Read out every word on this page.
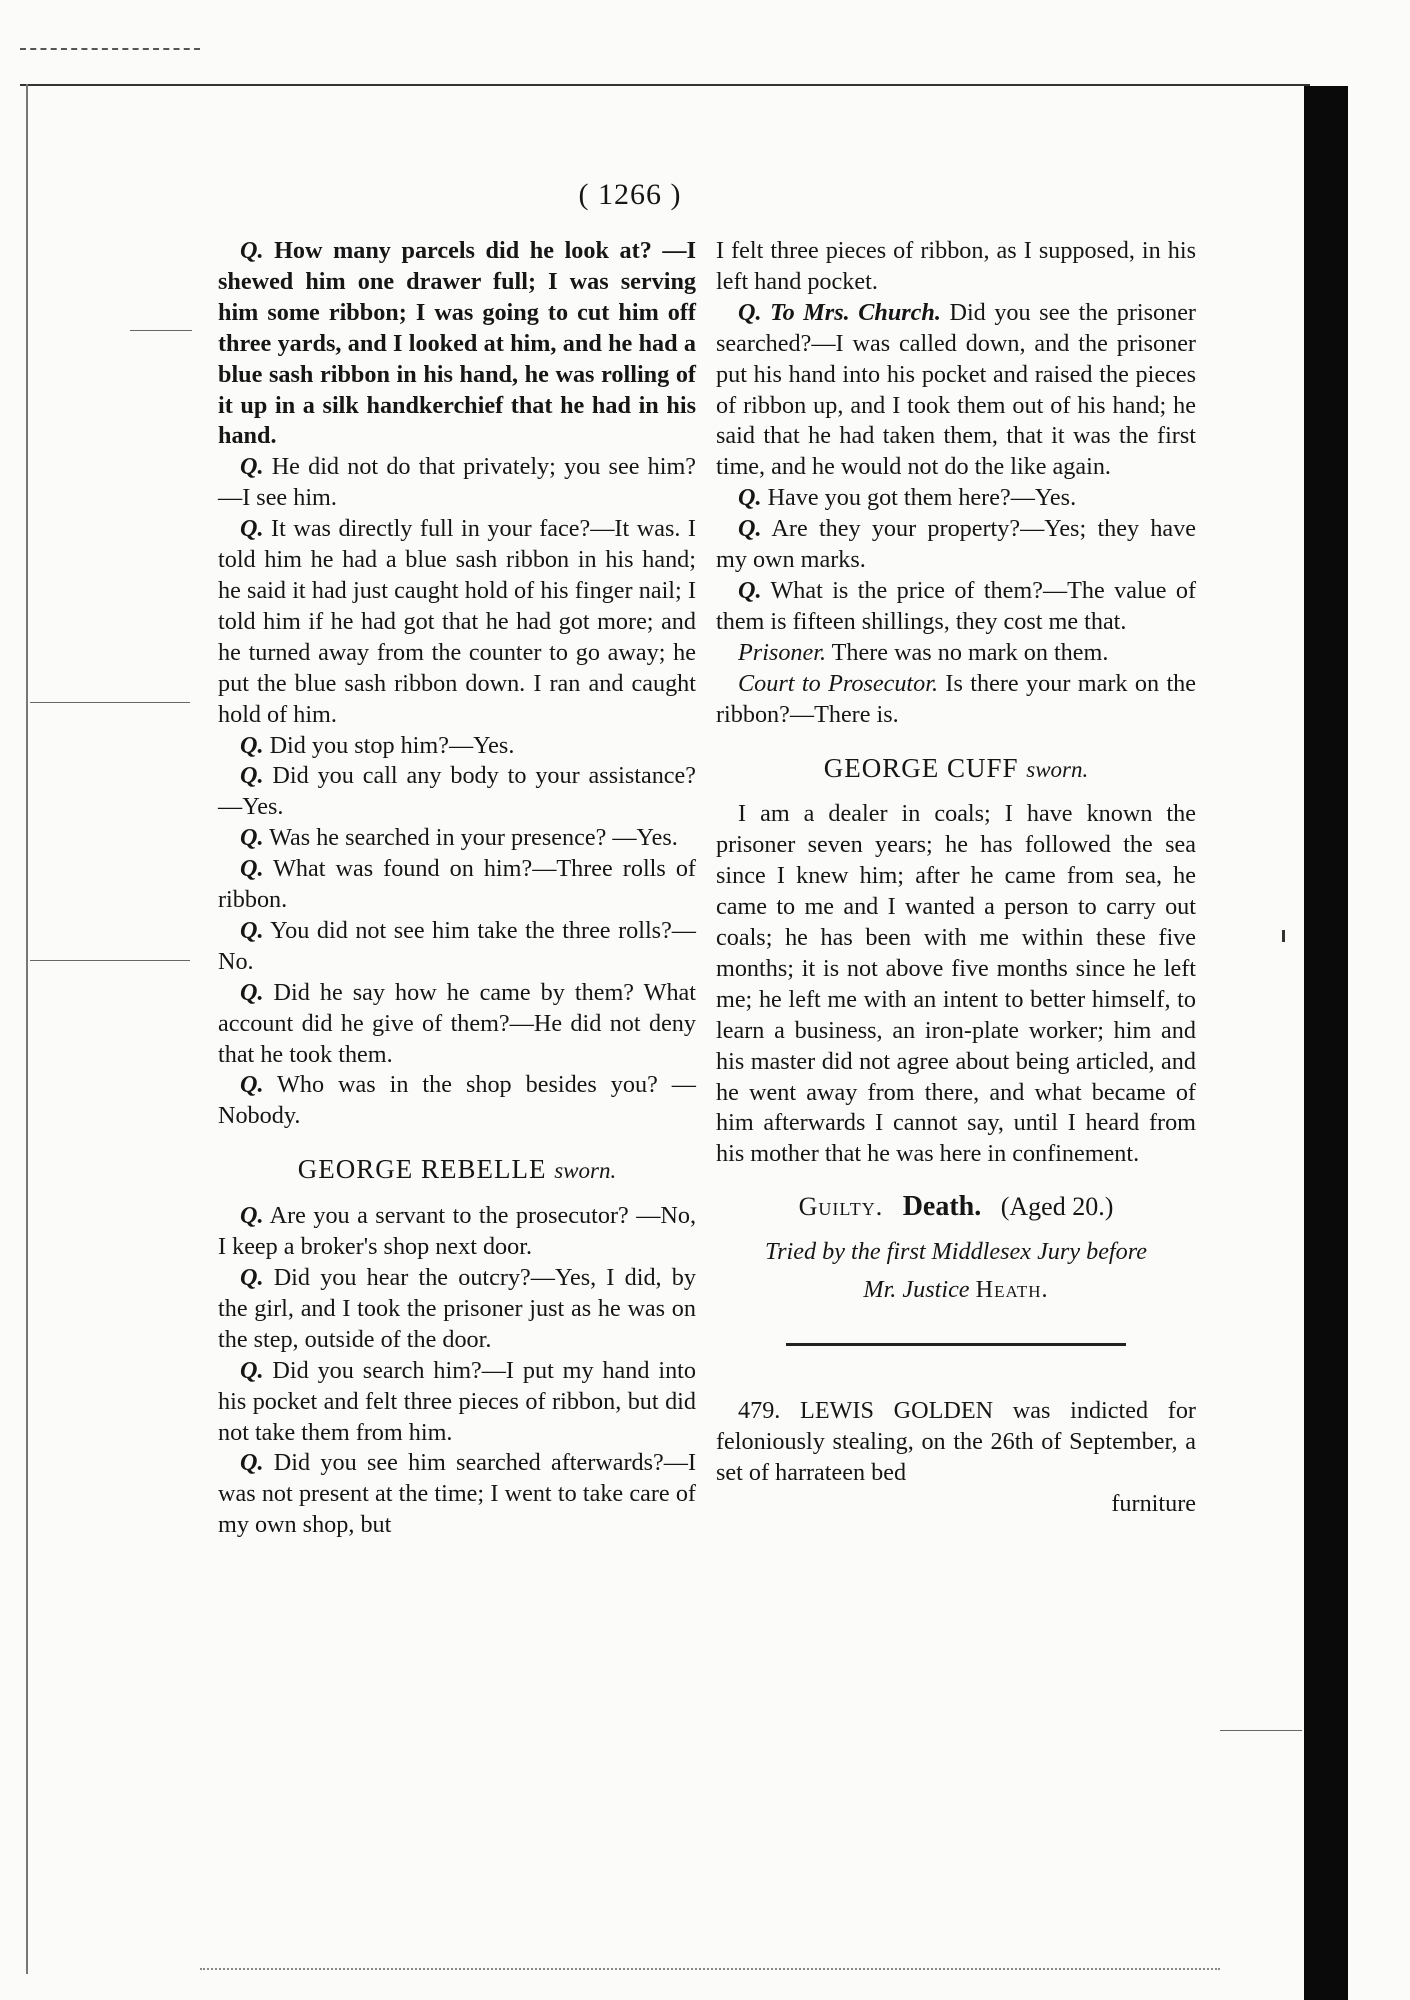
( 1266 )

Q. How many parcels did he look at? —I shewed him one drawer full; I was serving him some ribbon; I was going to cut him off three yards, and I looked at him, and he had a blue sash ribbon in his hand, he was rolling of it up in a silk handkerchief that he had in his hand.

Q. He did not do that privately; you see him?—I see him.

Q. It was directly full in your face?—It was. I told him he had a blue sash ribbon in his hand; he said it had just caught hold of his finger nail; I told him if he had got that he had got more; and he turned away from the counter to go away; he put the blue sash ribbon down. I ran and caught hold of him.

Q. Did you stop him?—Yes.

Q. Did you call any body to your assistance?—Yes.

Q. Was he searched in your presence? —Yes.

Q. What was found on him?—Three rolls of ribbon.

Q. You did not see him take the three rolls?—No.

Q. Did he say how he came by them? What account did he give of them?—He did not deny that he took them.

Q. Who was in the shop besides you? —Nobody.

GEORGE REBELLE sworn.

Q. Are you a servant to the prosecutor? —No, I keep a broker's shop next door.

Q. Did you hear the outcry?—Yes, I did, by the girl, and I took the prisoner just as he was on the step, outside of the door.

Q. Did you search him?—I put my hand into his pocket and felt three pieces of ribbon, but did not take them from him.

Q. Did you see him searched afterwards?—I was not present at the time; I went to take care of my own shop, but

I felt three pieces of ribbon, as I supposed, in his left hand pocket.

Q. To Mrs. Church. Did you see the prisoner searched?—I was called down, and the prisoner put his hand into his pocket and raised the pieces of ribbon up, and I took them out of his hand; he said that he had taken them, that it was the first time, and he would not do the like again.

Q. Have you got them here?—Yes.

Q. Are they your property?—Yes; they have my own marks.

Q. What is the price of them?—The value of them is fifteen shillings, they cost me that.

Prisoner. There was no mark on them.

Court to Prosecutor. Is there your mark on the ribbon?—There is.

GEORGE CUFF sworn.

I am a dealer in coals; I have known the prisoner seven years; he has followed the sea since I knew him; after he came from sea, he came to me and I wanted a person to carry out coals; he has been with me within these five months; it is not above five months since he left me; he left me with an intent to better himself, to learn a business, an iron-plate worker; him and his master did not agree about being articled, and he went away from there, and what became of him afterwards I cannot say, until I heard from his mother that he was here in confinement.

Guilty. Death. (Aged 20.)

Tried by the first Middlesex Jury before
Mr. Justice Heath.

479. LEWIS GOLDEN was indicted for feloniously stealing, on the 26th of September, a set of harrateen bed

furniture
